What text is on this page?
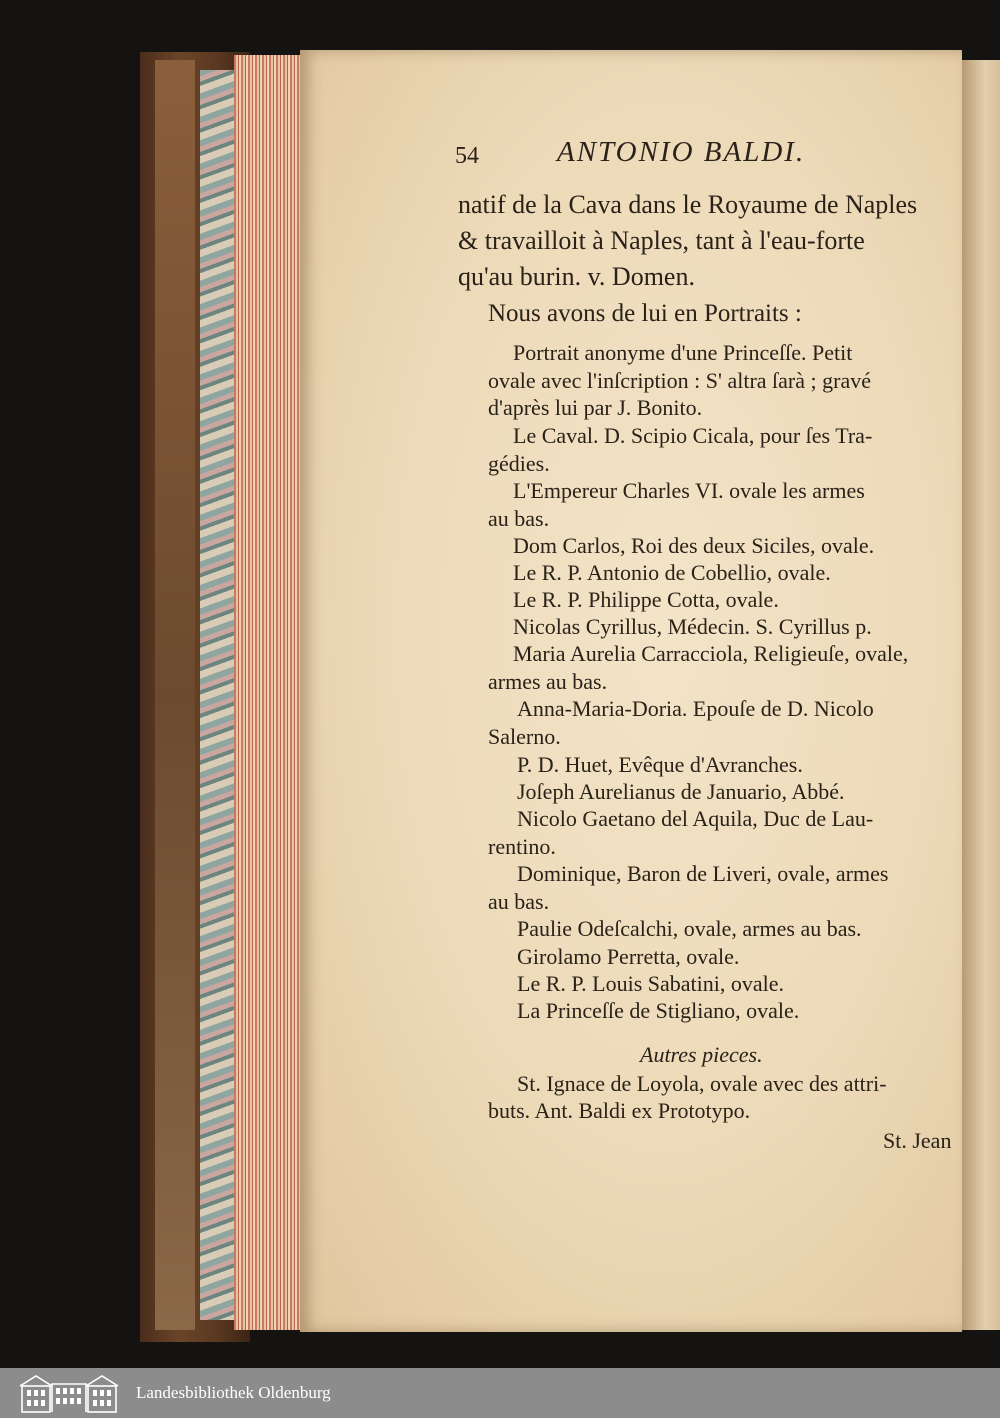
54	ANTONIO BALDI.
natif de la Cava dans le Royaume de Naples
& travailloit à Naples, tant à l'eau-forte
qu'au burin. v. Domen.
Nous avons de lui en Portraits :
Portrait anonyme d'une Princeſſe. Petit
ovale avec l'inſcription : S' altra ſarà ; gravé
d'après lui par J. Bonito.
Le Caval. D. Scipio Cicala, pour ſes Tra-
gédies.
L'Empereur Charles VI. ovale les armes
au bas.
Dom Carlos, Roi des deux Siciles, ovale.
Le R. P. Antonio de Cobellio, ovale.
Le R. P. Philippe Cotta, ovale.
Nicolas Cyrillus, Médecin. S. Cyrillus p.
Maria Aurelia Carracciola, Religieuſe, ovale,
armes au bas.
Anna-Maria-Doria. Epouſe de D. Nicolo
Salerno.
P. D. Huet, Evêque d'Avranches.
Joſeph Aurelianus de Januario, Abbé.
Nicolo Gaetano del Aquila, Duc de Lau-
rentino.
Dominique, Baron de Liveri, ovale, armes
au bas.
Paulie Odeſcalchi, ovale, armes au bas.
Girolamo Perretta, ovale.
Le R. P. Louis Sabatini, ovale.
La Princeſſe de Stigliano, ovale.
Autres pieces.
St. Ignace de Loyola, ovale avec des attri-
buts. Ant. Baldi ex Prototypo.
St. Jean
Landesbibliothek Oldenburg
